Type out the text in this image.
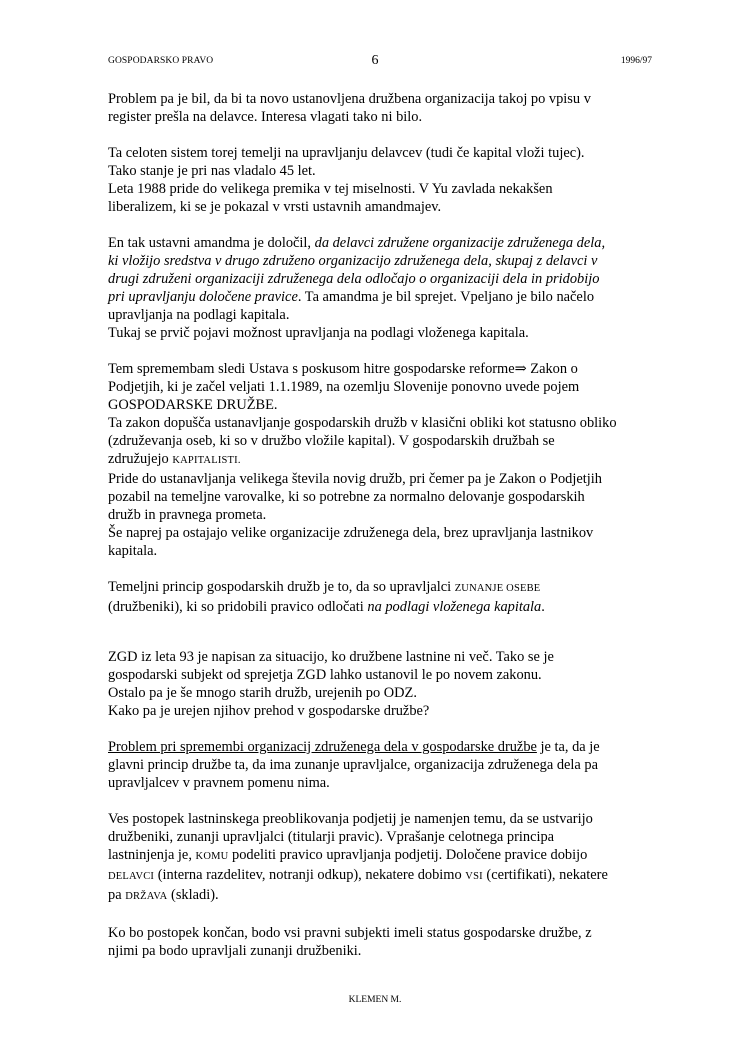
GOSPODARSKO PRAVO	6	1996/97

Problem pa je bil, da bi ta novo ustanovljena družbena organizacija takoj po vpisu v
register prešla na delavce. Interesa vlagati tako ni bilo.

Ta celoten sistem torej temelji na upravljanju delavcev (tudi če kapital vloži tujec).
Tako stanje je pri nas vladalo 45 let.
Leta 1988 pride do velikega premika v tej miselnosti. V Yu zavlada nekakšen
liberalizem, ki se je pokazal v vrsti ustavnih amandmajev.

En tak ustavni amandma je določil, da delavci združene organizacije združenega dela,
ki vložijo sredstva v drugo združeno organizacijo združenega dela, skupaj z delavci v
drugi združeni organizaciji združenega dela odločajo o organizaciji dela in pridobijo
pri upravljanju določene pravice. Ta amandma je bil sprejet. Vpeljano je bilo načelo
upravljanja na podlagi kapitala.
Tukaj se prvič pojavi možnost upravljanja na podlagi vloženega kapitala.

Tem spremembam sledi Ustava s poskusom hitre gospodarske reforme⇒ Zakon o
Podjetjih, ki je začel veljati 1.1.1989, na ozemlju Slovenije ponovno uvede pojem
GOSPODARSKE DRUŽBE.
Ta zakon dopušča ustanavljanje gospodarskih družb v klasični obliki kot statusno obliko
(združevanja oseb, ki so v družbo vložile kapital). V gospodarskih družbah se
združujejo KAPITALISTI.
Pride do ustanavljanja velikega števila novig družb, pri čemer pa je Zakon o Podjetjih
pozabil na temeljne varovalke, ki so potrebne za normalno delovanje gospodarskih
družb in pravnega prometa.
Še naprej pa ostajajo velike organizacije združenega dela, brez upravljanja lastnikov
kapitala.

Temeljni princip gospodarskih družb je to, da so upravljalci ZUNANJE OSEBE
(družbeniki), ki so pridobili pravico odločati na podlagi vloženega kapitala.

ZGD iz leta 93 je napisan za situacijo, ko družbene lastnine ni več. Tako se je
gospodarski subjekt od sprejetja ZGD lahko ustanovil le po novem zakonu.
Ostalo pa je še mnogo starih družb, urejenih po ODZ.
Kako pa je urejen njihov prehod v gospodarske družbe?

Problem pri spremembi organizacij združenega dela v gospodarske družbe je ta, da je
glavni princip družbe ta, da ima zunanje upravljalce, organizacija združenega dela pa
upravljalcev v pravnem pomenu nima.

Ves postopek lastninskega preoblikovanja podjetij je namenjen temu, da se ustvarijo
družbeniki, zunanji upravljalci (titularji pravic). Vprašanje celotnega principa
lastninjenja je, KOMU podeliti pravico upravljanja podjetij. Določene pravice dobijo
DELAVCI (interna razdelitev, notranji odkup), nekatere dobimo VSI (certifikati), nekatere
pa DRŽAVA (skladi).

Ko bo postopek končan, bodo vsi pravni subjekti imeli status gospodarske družbe, z
njimi pa bodo upravljali zunanji družbeniki.

KLEMEN M.
